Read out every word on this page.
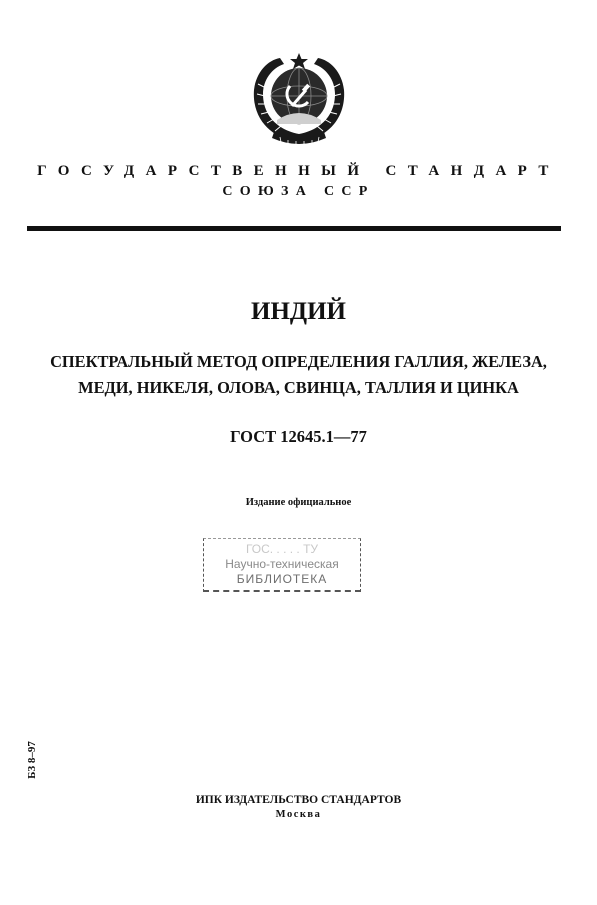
ГОСУДАРСТВЕННЫЙ СТАНДАРТ
СОЮЗА ССР
ИНДИЙ
СПЕКТРАЛЬНЫЙ МЕТОД ОПРЕДЕЛЕНИЯ ГАЛЛИЯ, ЖЕЛЕЗА,
МЕДИ, НИКЕЛЯ, ОЛОВА, СВИНЦА, ТАЛЛИЯ И ЦИНКА
ГОСТ 12645.1—77
Издание официальное
ГОС. . . . . ТУ
Научно-техническая
БИБЛИОТЕКА
БЗ 8–97
ИПК ИЗДАТЕЛЬСТВО СТАНДАРТОВ
Москва
